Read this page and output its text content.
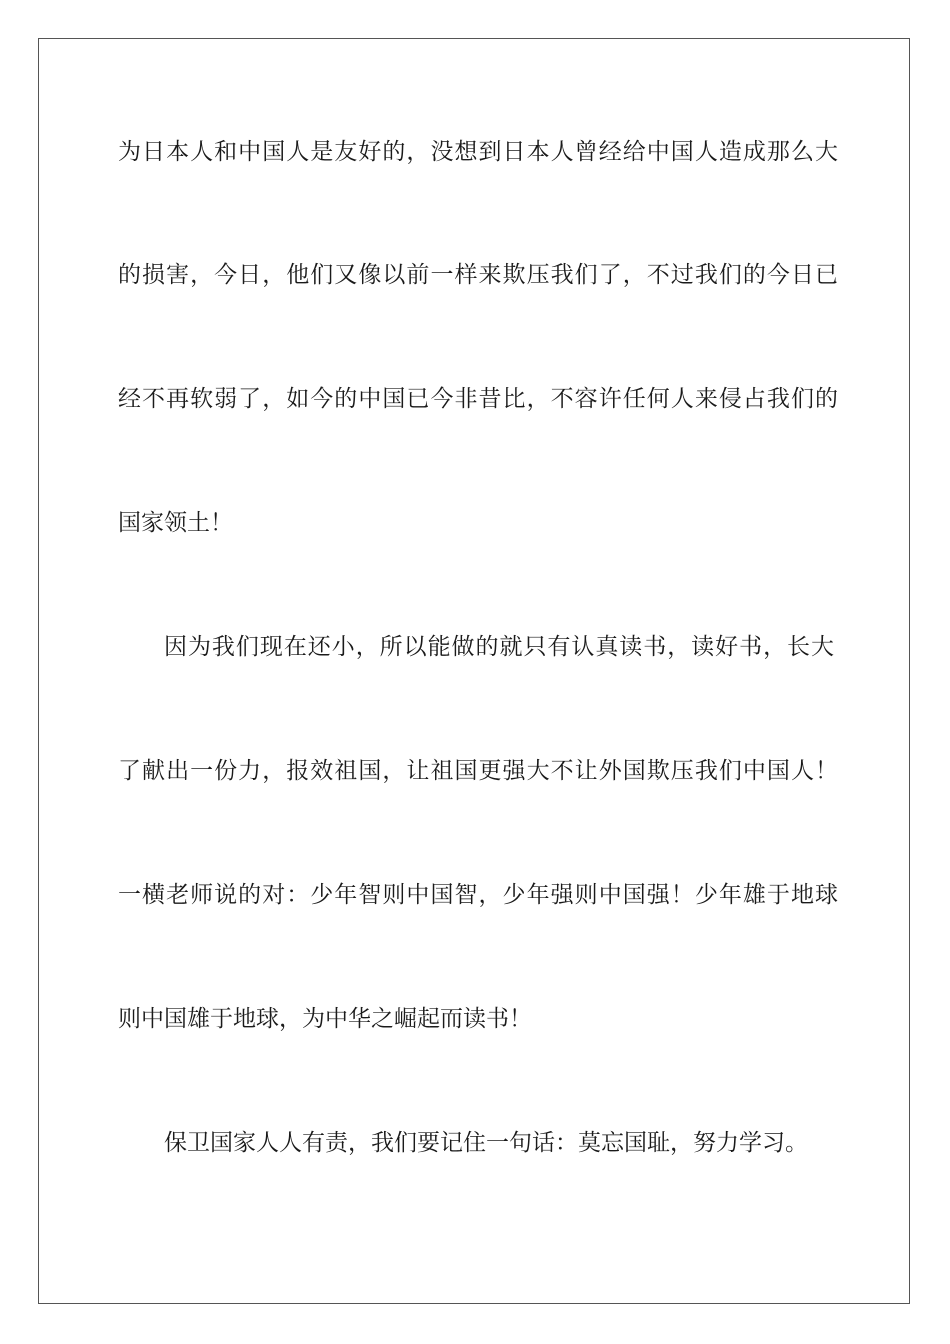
为日本人和中国人是友好的，没想到日本人曾经给中国人造成那么大
的损害，今日，他们又像以前一样来欺压我们了，不过我们的今日已
经不再软弱了，如今的中国已今非昔比，不容许任何人来侵占我们的
国家领土！
因为我们现在还小，所以能做的就只有认真读书，读好书，长大
了献出一份力，报效祖国，让祖国更强大不让外国欺压我们中国人！
一横老师说的对：少年智则中国智，少年强则中国强！少年雄于地球
则中国雄于地球，为中华之崛起而读书！
保卫国家人人有责，我们要记住一句话：莫忘国耻，努力学习。
